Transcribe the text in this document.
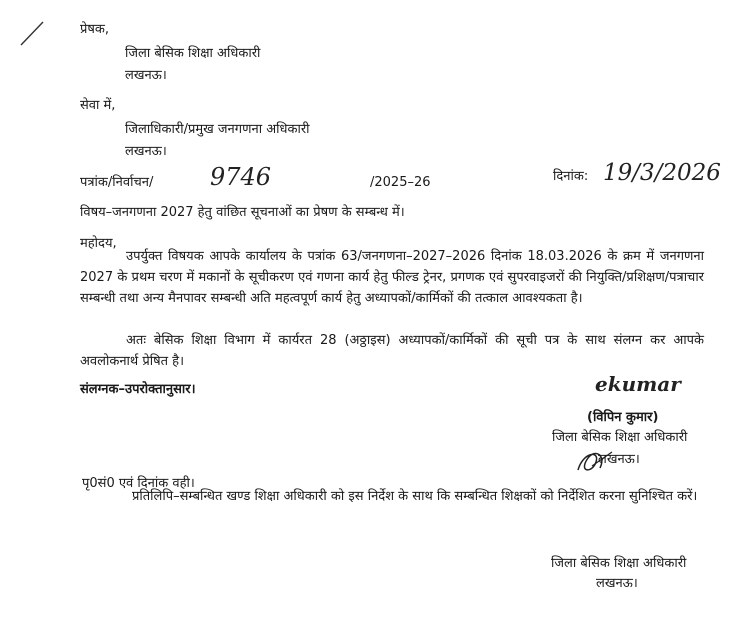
प्रेषक,
जिला बेसिक शिक्षा अधिकारी
लखनऊ।
सेवा में,
जिलाधिकारी/प्रमुख जनगणना अधिकारी
लखनऊ।
पत्रांक/निर्वाचन/ 9746	/2025–26	दिनांक: 19/3/2026
विषय–जनगणना 2027 हेतु वांछित सूचनाओं का प्रेषण के सम्बन्ध में।
महोदय,
उपर्युक्त विषयक आपके कार्यालय के पत्रांक 63/जनगणना–2027–2026 दिनांक 18.03.2026 के क्रम में जनगणना 2027 के प्रथम चरण में मकानों के सूचीकरण एवं गणना कार्य हेतु फील्ड ट्रेनर, प्रगणक एवं सुपरवाइजरों की नियुक्ति/प्रशिक्षण/पत्राचार सम्बन्धी तथा अन्य मैनपावर सम्बन्धी अति महत्वपूर्ण कार्य हेतु अध्यापकों/कार्मिकों की तत्काल आवश्यकता है।
अतः बेसिक शिक्षा विभाग में कार्यरत 28 (अठ्ठाइस) अध्यापकों/कार्मिकों की सूची पत्र के साथ संलग्न कर आपके अवलोकनार्थ प्रेषित है।
संलग्नक–उपरोक्तानुसार।	ekumar
(विपिन कुमार)
जिला बेसिक शिक्षा अधिकारी
लखनऊ।
पृ0सं0 एवं दिनांक वही।
प्रतिलिपि–सम्बन्धित खण्ड शिक्षा अधिकारी को इस निर्देश के साथ कि सम्बन्धित शिक्षकों को निर्देशित करना सुनिश्चित करें।
जिला बेसिक शिक्षा अधिकारी
लखनऊ।
